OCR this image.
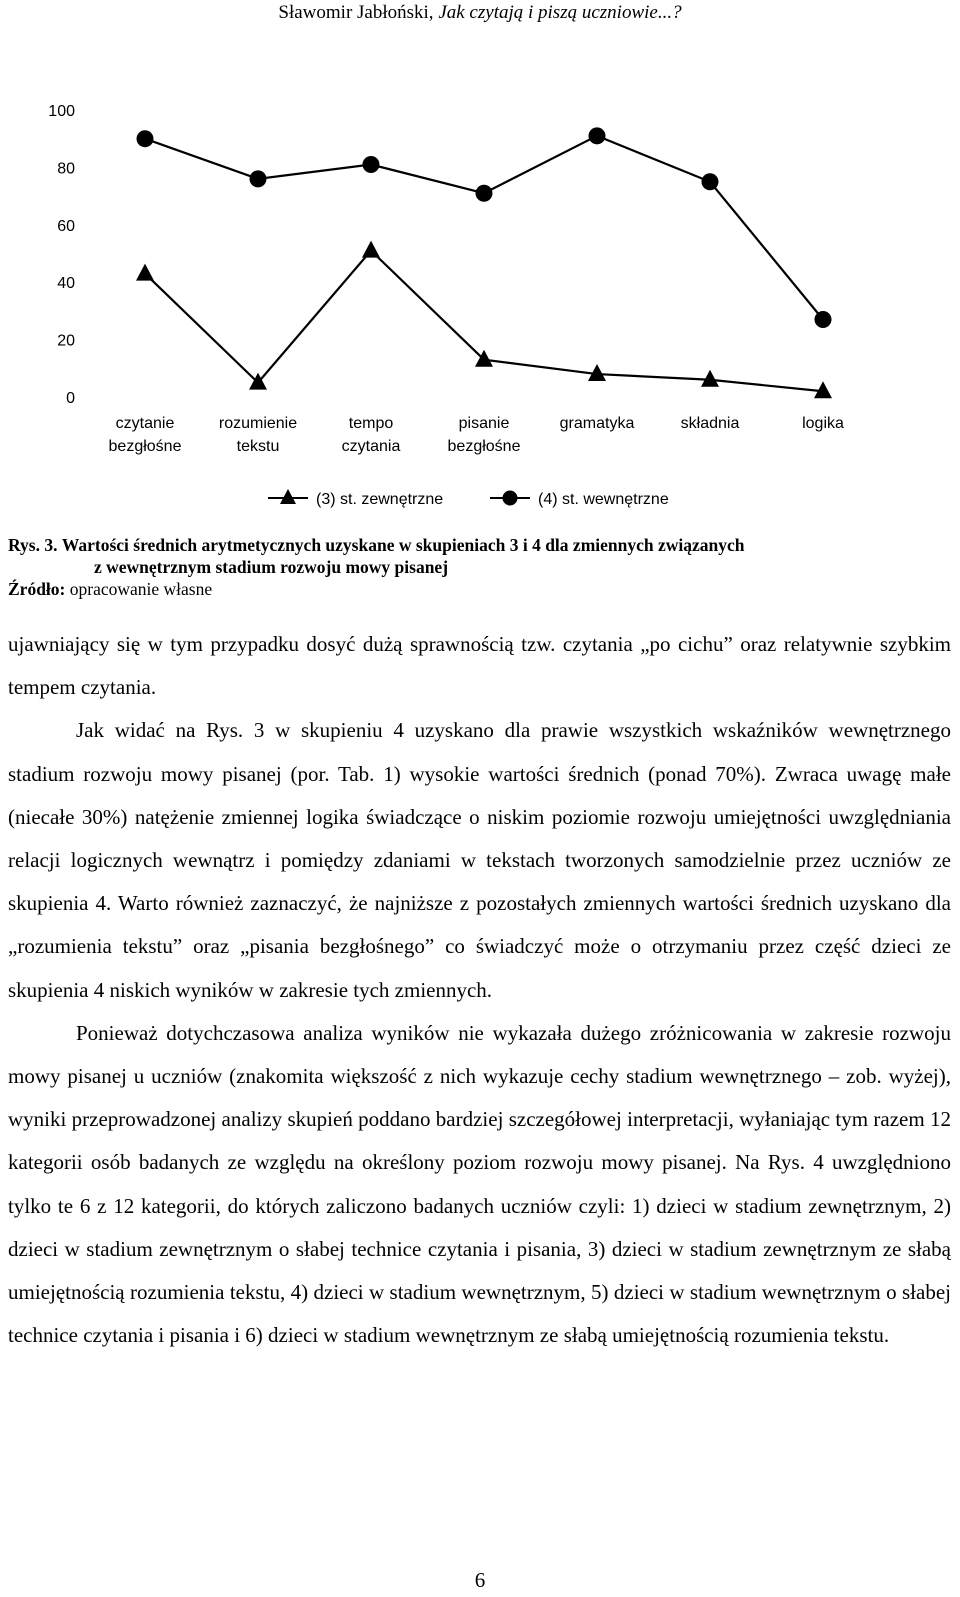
Sławomir Jabłoński, Jak czytają i piszą uczniowie...?
0
20
40
60
80
100
czytanie bezgłośne
rozumienie tekstu
tempo czytania
pisanie bezgłośne
gramatyka	składnia	logika
(3) st. zewnętrzne	(4) st. wewnętrzne
Rys. 3. Wartości średnich arytmetycznych uzyskane w skupieniach 3 i 4 dla zmiennych związanych
z wewnętrznym stadium rozwoju mowy pisanej
Źródło: opracowanie własne

ujawniający się w tym przypadku dosyć dużą sprawnością tzw. czytania „po cichu” oraz relatywnie szybkim tempem czytania.

Jak widać na Rys. 3 w skupieniu 4 uzyskano dla prawie wszystkich wskaźników wewnętrznego stadium rozwoju mowy pisanej (por. Tab. 1) wysokie wartości średnich (ponad 70%). Zwraca uwagę małe (niecałe 30%) natężenie zmiennej logika świadczące o niskim poziomie rozwoju umiejętności uwzględniania relacji logicznych wewnątrz i pomiędzy zdaniami w tekstach tworzonych samodzielnie przez uczniów ze skupienia 4. Warto również zaznaczyć, że najniższe z pozostałych zmiennych wartości średnich uzyskano dla „rozumienia tekstu” oraz „pisania bezgłośnego” co świadczyć może o otrzymaniu przez część dzieci ze skupienia 4 niskich wyników w zakresie tych zmiennych.

Ponieważ dotychczasowa analiza wyników nie wykazała dużego zróżnicowania w zakresie rozwoju mowy pisanej u uczniów (znakomita większość z nich wykazuje cechy stadium wewnętrznego – zob. wyżej), wyniki przeprowadzonej analizy skupień poddano bardziej szczegółowej interpretacji, wyłaniając tym razem 12 kategorii osób badanych ze względu na określony poziom rozwoju mowy pisanej. Na Rys. 4 uwzględniono tylko te 6 z 12 kategorii, do których zaliczono badanych uczniów czyli: 1) dzieci w stadium zewnętrznym, 2) dzieci w stadium zewnętrznym o słabej technice czytania i pisania, 3) dzieci w stadium zewnętrznym ze słabą umiejętnością rozumienia tekstu, 4) dzieci w stadium wewnętrznym, 5) dzieci w stadium wewnętrznym o słabej technice czytania i pisania i 6) dzieci w stadium wewnętrznym ze słabą umiejętnością rozumienia tekstu.

6
